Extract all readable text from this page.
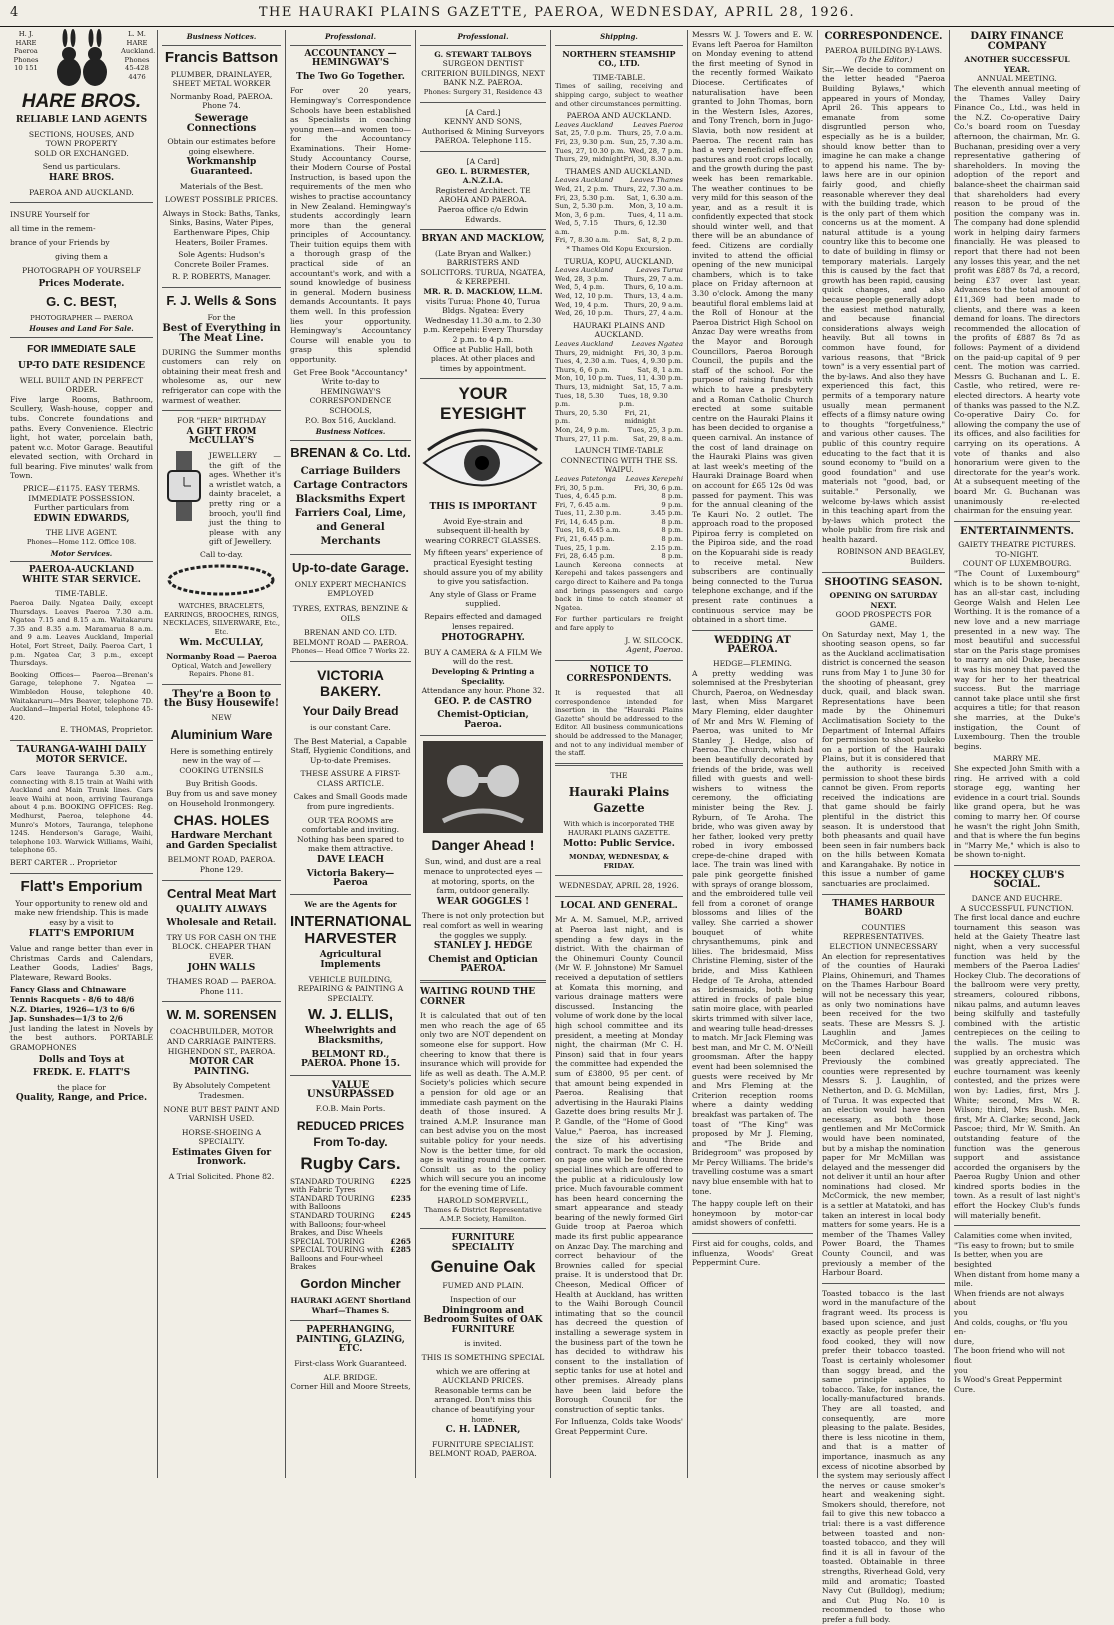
4	THE HAURAKI PLAINS GAZETTE, PAEROA, WEDNESDAY, APRIL 28, 1926.
H. J. HARE Paeroa Phones 10 151
L. M. HARE Auckland. Phones 45-428 4476
HARE BROS.
RELIABLE LAND AGENTS
SECTIONS, HOUSES, AND
TOWN PROPERTY
SOLD OR EXCHANGED.
Send us particulars.
HARE BROS.
PAEROA AND AUCKLAND.
INSURE Yourself for
all time in the remem-
brance of your Friends by
giving them a
PHOTOGRAPH OF YOURSELF
Prices Moderate.
G. C. BEST,
PHOTOGRAPHER — PAEROA
Houses and Land For Sale.
FOR IMMEDIATE SALE
UP-TO DATE RESIDENCE
WELL BUILT AND IN PERFECT ORDER.

Five large Rooms, Bathroom, Scullery, Wash-house, copper and tubs. Concrete foundations and paths. Every Convenience. Electric light, hot water, porcelain bath, patent w.c. Motor Garage. Beautiful elevated section, with Orchard in full bearing. Five minutes' walk from Town.

PRICE—£1175. EASY TERMS.
IMMEDIATE POSSESSION.
Further particulars from
EDWIN EDWARDS,
THE LIVE AGENT.
Phones—Home 112. Office 108.
Motor Services.
PAEROA-AUCKLAND WHITE STAR SERVICE.
TIME-TABLE.

Paeroa Daily. Ngatea Daily, except Thursdays. Leaves Paeroa 7.30 a.m. Ngatea 7.15 and 8.15 a.m. Waitakaruru 7.35 and 8.35 a.m. Maramarua 8 a.m. and 9 a.m. Leaves Auckland, Imperial Hotel, Fort Street, Daily. Paeroa Cart, 1 p.m. Ngatea Car, 3 p.m., except Thursdays.

Booking Offices— Paeroa—Brenan's Garage, telephone 7. Ngatea — Wimbledon House, telephone 40. Waitakaruru—Mrs Beaver, telephone 7D. Auckland—Imperial Hotel, telephone 45-420.

E. THOMAS, Proprietor.
TAURANGA-WAIHI DAILY MOTOR SERVICE.

Cars leave Tauranga 5.30 a.m., connecting with 8.15 train at Waihi with Auckland and Main Trunk lines. Cars leave Waihi at noon, arriving Tauranga about 4 p.m. BOOKING OFFICES: Reg. Medhurst, Paeroa, telephone 44. Munro's Motors, Tauranga, telephone 124S. Henderson's Garage, Waihi, telephone 103. Warwick Williams, Waihi, telephone 65.

BERT CARTER .. Proprietor
Flatt's Emporium

Your opportunity to renew old and make new friendship. This is made easy by a visit to

FLATT'S EMPORIUM

Value and range better than ever in Christmas Cards and Calendars, Leather Goods, Ladies' Bags, Plateware, Reward Books.

Fancy Glass and Chinaware
Tennis Racquets - 8/6 to 48/6
N.Z. Diaries, 1926—1/3 to 6/6
Jap. Sunshades—1/3 to 2/6

Just landing the latest in Novels by the best authors. PORTABLE GRAMOPHONES

Dolls and Toys at
FREDK. E. FLATT'S
the place for
Quality, Range, and Price.
Business Notices.
Francis Battson
PLUMBER, DRAINLAYER, SHEET METAL WORKER
Normanby Road, PAEROA. Phone 74.
Sewerage Connections
Obtain our estimates before going elsewhere.
Workmanship Guaranteed.
Materials of the Best.
LOWEST POSSIBLE PRICES.
Always in Stock: Baths, Tanks, Sinks, Basins, Water Pipes, Earthenware Pipes, Chip Heaters, Boiler Frames.
Sole Agents: Hudson's Concrete Boiler Frames.
R. P. ROBERTS, Manager.
F. J. Wells & Sons
For the
Best of Everything in The Meat Line.

DURING the Summer months customers can rely on obtaining their meat fresh and wholesome as, our new refrigerator can cope with the warmest of weather.

FOR "HER" BIRTHDAY
A GIFT FROM McCULLAY'S

JEWELLERY — the gift of the ages. Whether it's a wristlet watch, a dainty bracelet, a pretty ring or a brooch, you'll find just the thing to please with any gift of Jewellery.

Call to-day.
WATCHES, BRACELETS, EARRINGS, BROOCHES, RINGS, NECKLACES, SILVERWARE, Etc., Etc.
Wm. McCULLAY,
Normanby Road — Paeroa
Optical, Watch and Jewellery Repairs. Phone 81.
They're a Boon to the Busy Housewife!
NEW
Aluminium Ware
Here is something entirely new in the way of — COOKING UTENSILS
Buy British Goods.
Buy from us and save money on Household Ironmongery.
CHAS. HOLES
Hardware Merchant and Garden Specialist
BELMONT ROAD, PAEROA. Phone 129.
Central Meat Mart
QUALITY ALWAYS
Wholesale and Retail.
TRY US FOR CASH ON THE BLOCK. CHEAPER THAN EVER.
JOHN WALLS
THAMES ROAD — PAEROA. Phone 111.
W. M. SORENSEN
COACHBUILDER, MOTOR AND CARRIAGE PAINTERS.
HIGHENDON ST., PAEROA.
MOTOR CAR PAINTING.
By Absolutely Competent Tradesmen.
NONE BUT BEST PAINT AND VARNISH USED.
HORSE-SHOEING A SPECIALTY.
Estimates Given for Ironwork.
A Trial Solicited. Phone 82.
Professional.
ACCOUNTANCY — HEMINGWAY'S
The Two Go Together.

For over 20 years, Hemingway's Correspondence Schools have been established as Specialists in coaching young men—and women too—for the Accountancy Examinations. Their Home-Study Accountancy Course, their Modern Course of Postal Instruction, is based upon the requirements of the men who wishes to practise accountancy in New Zealand. Hemingway's students accordingly learn more than the general principles of Accountancy. Their tuition equips them with a thorough grasp of the practical side of an accountant's work, and with a sound knowledge of business in general. Modern business demands Accountants. It pays them well. In this profession lies your opportunity. Hemingway's Accountancy Course will enable you to grasp this splendid opportunity.

Get Free Book "Accountancy" Write to-day to
HEMINGWAY'S CORRESPONDENCE SCHOOLS,
P.O. Box 516, Auckland.
Business Notices.
BRENAN & Co. Ltd.
Carriage Builders Cartage Contractors Blacksmiths Expert Farriers Coal, Lime, and General Merchants
Up-to-date Garage.
ONLY EXPERT MECHANICS EMPLOYED
TYRES, EXTRAS, BENZINE & OILS
BRENAN AND CO. LTD.
BELMONT ROAD — PAEROA.
Phones— Head Office 7 Works 22.
VICTORIA BAKERY.
Your Daily Bread
is our constant Care.
The Best Material, a Capable Staff, Hygienic Conditions, and Up-to-date Premises.
THESE ASSURE A FIRST-CLASS ARTICLE.
Cakes and Small Goods made from pure ingredients.
OUR TEA ROOMS are comfortable and inviting. Nothing has been spared to make them attractive.
DAVE LEACH
Victoria Bakery—Paeroa
We are the Agents for
INTERNATIONAL HARVESTER
Agricultural Implements
VEHICLE BUILDING, REPAIRING & PAINTING A SPECIALTY.
W. J. ELLIS,
Wheelwrights and Blacksmiths,
BELMONT RD., PAEROA. Phone 15.
VALUE UNSURPASSED
F.O.B. Main Ports.
REDUCED PRICES From To-day.
Rugby Cars.
STANDARD TOURING with Fabric Tyres
£225
STANDARD TOURING with Balloons
£235
STANDARD TOURING with Balloons; four-wheel Brakes, and Disc Wheels
£245
SPECIAL TOURING	£265
SPECIAL TOURING with Balloons and Four-wheel Brakes
£285
Gordon Mincher
HAURAKI AGENT Shortland Wharf—Thames S.
PAPERHANGING, PAINTING, GLAZING, ETC.
First-class Work Guaranteed.
ALF. BRIDGE.
Corner Hill and Moore Streets,
Professional.
G. STEWART TALBOYS
SURGEON DENTIST
CRITERION BUILDINGS, NEXT BANK N.Z. PAEROA.
Phones: Surgery 31, Residence 43
[A Card.]
KENNY AND SONS,
Authorised & Mining Surveyors PAEROA. Telephone 115.
[A Card]
GEO. L. BURMESTER, A.N.Z.I.A.
Registered Architect. TE AROHA AND PAEROA.
Paeroa office c/o Edwin Edwards.
BRYAN AND MACKLOW,
(Late Bryan and Walker.) BARRISTERS AND SOLICITORS. TURUA, NGATEA, & KEREPEHI.
MR. R. D. MACKLOW, LL.M.
visits Turua: Phone 40, Turua Bldgs. Ngatea: Every Wednesday 11.30 a.m. to 2.30 p.m. Kerepehi: Every Thursday 2 p.m. to 4 p.m.
Office at Public Hall, both places. At other places and times by appointment.
YOUR EYESIGHT
THIS IS IMPORTANT
Avoid Eye-strain and subsequent ill-health by wearing CORRECT GLASSES.
My fifteen years' experience of practical Eyesight testing should assure you of my ability to give you satisfaction.
Any style of Glass or Frame supplied.
Repairs effected and damaged lenses repaired.
PHOTOGRAPHY.
BUY A CAMERA & A FILM We will do the rest.
Developing & Printing a Speciality.
Attendance any hour. Phone 32.
GEO. P. de CASTRO
Chemist-Optician, Paeroa.
Danger Ahead !
Sun, wind, and dust are a real menace to unprotected eyes — at motoring, sports, on the farm, outdoor generally.
WEAR GOGGLES !
There is not only protection but real comfort as well in wearing the goggles we supply.
STANLEY J. HEDGE
Chemist and Optician PAEROA.
WAITING ROUND THE CORNER

It is calculated that out of ten men who reach the age of 65 only two are NOT dependent on someone else for support. How cheering to know that there is insurance which will provide for life as well as death. The A.M.P. Society's policies which secure a pension for old age or an immediate cash payment on the death of those insured. A trained A.M.P. Insurance man can best advise you on the most suitable policy for your needs. Now is the better time, for old age is waiting round the corner. Consult us as to the policy which will secure you an income for the evening time of Life.

HAROLD SOMERVELL,
Thames & District Representative A.M.P. Society, Hamilton.
FURNITURE SPECIALITY
Genuine Oak
FUMED AND PLAIN.
Inspection of our
Diningroom and Bedroom Suites of OAK FURNITURE
is invited.
THIS IS SOMETHING SPECIAL
which we are offering at AUCKLAND PRICES. Reasonable terms can be arranged. Don't miss this chance of beautifying your home.
C. H. LADNER,
FURNITURE SPECIALIST. BELMONT ROAD, PAEROA.
Shipping.
NORTHERN STEAMSHIP CO., LTD.
TIME-TABLE.

Times of sailing, receiving and shipping cargo, subject to weather and other circumstances permitting.

PAEROA AND AUCKLAND.
Leaves Auckland	Leaves Paeroa
Sat, 25, 7.0 p.m. Thurs, 25, 7.0 a.m.
Fri, 23, 9.30 p.m. Sun, 25, 7.30 a.m.
Tues, 27, 10.30 p.m. Wed, 28, 7 p.m.
Thurs, 29, midnight Fri, 30, 8.30 a.m.
THAMES AND AUCKLAND.
Leaves Auckland Leaves Thames
Wed, 21, 2 p.m. Thurs, 22, 7.30 a.m.
Fri, 23, 5.30 p.m. Sat, 1, 6.30 a.m.
Sun, 2, 5.30 p.m. Mon, 3, 10 a.m.
Mon, 3, 6 p.m.	Tues, 4, 11 a.m.
Wed, 5, 7.15 a.m.
Thurs, 6, 12.30 p.m.
Fri, 7, 8.30 a.m.	Sat, 8, 2 p.m.
* Thames Old Kopu Excursion.
TURUA, KOPU, AUCKLAND.
Leaves Auckland	Leaves Turua
Wed, 28, 3 p.m. Thurs, 29, 7 a.m.
Wed, 5, 4 p.m.	Thurs, 6, 10 a.m.
Wed, 12, 10 p.m. Thurs, 13, 4 a.m.
Wed, 19, 4 p.m. Thurs, 20, 9 a.m.
Wed, 26, 10 p.m. Thurs, 27, 4 a.m.
HAURAKI PLAINS AND AUCKLAND.
Leaves Auckland	Leaves Ngatea
Thurs, 29, midnight Fri, 30, 3 p.m.
Tues, 4, 2.30 a.m. Tues, 4, 9.30 p.m.
Thurs, 6, 6 p.m.	Sat, 8, 1 a.m.
Mon, 10, 10 p.m. Tues, 11, 4.30 p.m.
Thurs, 13, midnight Sat, 15, 7 a.m.
Tues, 18, 5.30 p.m.
Tues, 18, 9.30 p.m.
Thurs, 20, 5.30 p.m.
Fri, 21, midnight
Mon, 24, 9 p.m.	Tues, 25, 3 p.m.
Thurs, 27, 11 p.m. Sat, 29, 8 a.m.
LAUNCH TIME-TABLE CONNECTING WITH THE SS. WAIPU.
Leaves Patetonga Leaves Kerepehi
Fri, 30, 5 p.m.	Fri, 30, 6 p.m.
Tues, 4, 6.45 p.m.	8 p.m.
Fri, 7, 6.45 a.m.	9 p.m.
Tues, 11, 2.30 p.m.	3.45 p.m.
Fri, 14, 6.45 p.m.	8 p.m.
Tues, 18, 6.45 a.m.	8 p.m.
Fri, 21, 6.45 p.m.	8 p.m.
Tues, 25, 1 p.m.	2.15 p.m.
Fri, 28, 6.45 p.m.	8 p.m.

Launch Kereona connects at Kerepehi and takes passengers and cargo direct to Kaihere and Pa tonga and brings passengers and cargo back in time to catch steamer at Ngatea.

For further particulars re freight and fare apply to

J. W. SILCOCK.
Agent, Paeroa.
NOTICE TO CORRESPONDENTS.

It is requested that all correspondence intended for insertion in the "Hauraki Plains Gazette" should be addressed to the Editor. All business communications should be addressed to the Manager, and not to any individual member of the staff.

THE
Hauraki Plains Gazette
With which is incorporated THE HAURAKI PLAINS GAZETTE.
Motto: Public Service.
MONDAY, WEDNESDAY, & FRIDAY.
WEDNESDAY, APRIL 28, 1926.
LOCAL AND GENERAL.

Mr A. M. Samuel, M.P., arrived at Paeroa last night, and is spending a few days in the district. With the chairman of the Ohinemuri County Council (Mr W. F. Johnstone) Mr Samuel received a deputation of settlers at Komata this morning, and various drainage matters were discussed. Instancing the volume of work done by the local high school committee and its president, a meeting at Monday night, the chairman (Mr C. H. Pinson) said that in four years the committee had expended the sum of £3800, 95 per cent. of that amount being expended in Paeroa. Realising that advertising in the Hauraki Plains Gazette does bring results Mr J. P. Gandle, of the "Home of Good Value," Paeroa, has increased the size of his advertising contract. To mark the occasion, on page one will be found three special lines which are offered to the public at a ridiculously low price. Much favourable comment has been heard concerning the smart appearance and steady bearing of the newly formed Girl Guide troop at Paeroa which made its first public appearance on Anzac Day. The marching and correct behaviour of the Brownies called for special praise. It is understood that Dr. Cheeson, Medical Officer of Health at Auckland, has written to the Waihi Borough Council intimating that so the council has decreed the question of installing a sewerage system in the business part of the town he has decided to withdraw his consent to the installation of septic tanks for use at hotel and other premises. Already plans have been laid before the Borough Council for the construction of septic tanks.

For Influenza, Colds take Woods' Great Peppermint Cure.

Messrs W. J. Towers and E. W. Evans left Paeroa for Hamilton on Monday evening to attend the first meeting of Synod in the recently formed Waikato Diocese. Certificates of naturalisation have been granted to John Thomas, born in the Western Isles, Azores, and Tony Trench, born in Jugo-Slavia, both now resident at Paeroa. The recent rain has had a very beneficial effect on pastures and root crops locally, and the growth during the past week has been remarkable. The weather continues to be very mild for this season of the year, and as a result it is confidently expected that stock should winter well, and that there will be an abundance of feed. Citizens are cordially invited to attend the official opening of the new municipal chambers, which is to take place on Friday afternoon at 3.30 o'clock. Among the many beautiful floral emblems laid at the Roll of Honour at the Paeroa District High School on Anzac Day were wreaths from the Mayor and Borough Councillors, Paeroa Borough Council, the pupils and the staff of the school. For the purpose of raising funds with which to have a presbytery and a Roman Catholic Church erected at some suitable centre on the Hauraki Plains it has been decided to organise a queen carnival. An instance of the cost of land drainage on the Hauraki Plains was given at last week's meeting of the Hauraki Drainage Board when on account for £65 12s 0d was passed for payment. This was for the annual cleaning of the Te Kauri No. 2 outlet. The approach road to the proposed Pipiroa ferry is completed on the Pipiroa side, and the road on the Kopuarahi side is ready to receive metal. New subscribers are continually being connected to the Turua telephone exchange, and if the present rate continues a continuous service may be obtained in a short time.

WEDDING AT PAEROA.
HEDGE—FLEMING.

A pretty wedding was solemnised at the Presbyterian Church, Paeroa, on Wednesday last, when Miss Margaret Mary Fleming, elder daughter of Mr and Mrs W. Fleming of Paeroa, was united to Mr Stanley J. Hedge, also of Paeroa. The church, which had been beautifully decorated by friends of the bride, was well filled with guests and well-wishers to witness the ceremony, the officiating minister being the Rev. J. Ryburn, of Te Aroha. The bride, who was given away by her father, looked very pretty robed in ivory embossed crepe-de-chine draped with lace. The train was lined with pale pink georgette finished with sprays of orange blossom, and the embroidered tulle veil fell from a coronet of orange blossoms and lilies of the valley. She carried a shower bouquet of white chrysanthemums, pink and lilies. The bridesmaid, Miss Christine Fleming, sister of the bride, and Miss Kathleen Hedge of Te Aroha, attended as bridesmaids, both being attired in frocks of pale blue satin moire glace, with pearled skirts trimmed with silver lace, and wearing tulle head-dresses to match. Mr Jack Fleming was best man, and Mr C. M. O'Neill groomsman. After the happy event had been solemnised the guests were received by Mr and Mrs Fleming at the Criterion reception rooms where a dainty wedding breakfast was partaken of. The toast of "The King" was proposed by Mr J. Fleming, and "The Bride and Bridegroom" was proposed by Mr Percy Williams. The bride's travelling costume was a smart navy blue ensemble with hat to tone.

The happy couple left on their honeymoon by motor-car amidst showers of confetti.

First aid for coughs, colds, and influenza, Woods' Great Peppermint Cure.

CORRESPONDENCE.
PAEROA BUILDING BY-LAWS.
(To the Editor.)

Sir,—We decide to comment on the letter headed "Paeroa Building Bylaws," which appeared in yours of Monday, April 26. This appears to emanate from some disgruntled person who, especially as he is a builder, should know better than to imagine he can make a change to append his name. The by-laws here are in our opinion fairly good, and chiefly reasonable wherever they deal with the building trade, which is the only part of them which concerns us at the moment. A natural attitude is a young country like this to become one to date of building in flimsy or temporary materials. Largely this is caused by the fact that growth has been rapid, causing quick changes, and also because people generally adopt the easiest method naturally, and because financial considerations always weigh heavily. But all towns in common have found, for various reasons, that "Brick town" is a very essential part of the by-laws. And also they have experienced this fact, this permits of a temporary nature usually mean permanent effects of a flimsy nature owing to thoughts "forgetfulness," and various other causes. The public of this country require educating to the fact that it is sound economy to "build on a good foundation" and use materials not "good, bad, or suitable." Personally, we welcome by-laws which assist in this teaching apart from the by-laws which protect the whole public from fire risk and health hazard.

ROBINSON AND BEAGLEY, Builders.
SHOOTING SEASON.
OPENING ON SATURDAY NEXT.
GOOD PROSPECTS FOR GAME.

On Saturday next, May 1, the shooting season opens, so far as the Auckland acclimatisation district is concerned the season runs from May 1 to June 30 for the shooting of pheasant, grey duck, quail, and black swan. Representations have been made by the Ohinemuri Acclimatisation Society to the Department of Internal Affairs for permission to shoot pukeko on a portion of the Hauraki Plains, but it is considered that the authority is received permission to shoot these birds cannot be given. From reports received the indications are that game should be fairly plentiful in the district this season. It is understood that both pheasants and quail have been seen in fair numbers back on the hills between Komata and Karangahake. By notice in this issue a number of game sanctuaries are proclaimed.

THAMES HARBOUR BOARD
COUNTIES REPRESENTATIVES.
ELECTION UNNECESSARY

An election for representatives of the counties of Hauraki Plains, Ohinemuri, and Thames on the Thames Harbour Board will not be necessary this year, as only two nominations have been received for the two seats. These are Messrs S. J. Laughlin and James McCormick, and they have been declared elected. Previously the combined counties were represented by Messrs S. J. Laughlin, of Netherton, and D. G. McMillan, of Turua. It was expected that an election would have been necessary, as both those gentlemen and Mr McCormick would have been nominated, but by a mishap the nomination paper for Mr McMillan was delayed and the messenger did not deliver it until an hour after nominations had closed. Mr McCormick, the new member, is a settler at Matatoki, and has taken an interest in local body matters for some years. He is a member of the Thames Valley Power Board, the Thames County Council, and was previously a member of the Harbour Board.

Toasted tobacco is the last word in the manufacture of the fragrant weed. Its process is based upon science, and just exactly as people prefer their food cooked, they will now prefer their tobacco toasted. Toast is certainly wholesomer than soggy bread, and the same principle applies to tobacco. Take, for instance, the locally-manufactured brands. They are all toasted, and consequently, are more pleasing to the palate. Besides, there is less nicotine in them, and that is a matter of importance, inasmuch as any excess of nicotine absorbed by the system may seriously affect the nerves or cause smoker's heart and weakening sight. Smokers should, therefore, not fail to give this new tobacco a trial: there is a vast difference between toasted and non-toasted tobacco, and they will find it is all in favour of the toasted. Obtainable in three strengths, Riverhead Gold, very mild and aromatic; Toasted Navy Cut (Bulldog), medium; and Cut Plug No. 10 is recommended to those who prefer a full body.

DAIRY FINANCE COMPANY
ANOTHER SUCCESSFUL YEAR.
ANNUAL MEETING.

The eleventh annual meeting of the Thames Valley Dairy Finance Co., Ltd., was held in the N.Z. Co-operative Dairy Co.'s board room on Tuesday afternoon, the chairman, Mr. G. Buchanan, presiding over a very representative gathering of shareholders. In moving the adoption of the report and balance-sheet the chairman said that shareholders had every reason to be proud of the position the company was in. The company had done splendid work in helping dairy farmers financially. He was pleased to report that there had not been any losses this year, and the net profit was £887 8s 7d, a record, being £37 over last year. Advances to the total amount of £11,369 had been made to clients, and there was a keen demand for loans. The directors recommended the allocation of the profits of £887 8s 7d as follows: Payment of a dividend on the paid-up capital of 9 per cent. The motion was carried. Messrs G. Buchanan and L. E. Castle, who retired, were re-elected directors. A hearty vote of thanks was passed to the N.Z. Co-operative Dairy Co. for allowing the company the use of its offices, and also facilities for carrying on its operations. A vote of thanks and also honorarium were given to the directorate for the year's work. At a subsequent meeting of the board Mr. G. Buchanan was unanimously re-elected chairman for the ensuing year.

ENTERTAINMENTS.
GAIETY THEATRE PICTURES.
TO-NIGHT.
COUNT OF LUXEMBOURG.

"The Count of Luxembourg" which is to be shown to-night, has an all-star cast, including George Walsh and Helen Lee Worthing. It is the romance of a new love and a new marriage presented in a new way. The most beautiful and successful star on the Paris stage promises to marry an old Duke, because it was his money that paved the way for her to her theatrical success. But the marriage cannot take place until she first acquires a title; for that reason she marries, at the Duke's instigation, the Count of Luxembourg. Then the trouble begins.

MARRY ME.

She expected John Smith with a ring. He arrived with a cold storage egg, wanting her evidence in a court trial. Sounds like grand opera, but he was coming to marry her. Of course he wasn't the right John Smith, and that is where the fun begins in "Marry Me," which is also to be shown to-night.

HOCKEY CLUB'S SOCIAL.
DANCE AND EUCHRE.
A SUCCESSFUL FUNCTION.

The first local dance and euchre tournament this season was held at the Gaiety Theatre last night, when a very successful function was held by the members of the Paeroa Ladies' Hockey Club. The decorations of the ballroom were very pretty, streamers, coloured ribbons, nikau palms, and autumn leaves being skilfully and tastefully combined with the artistic centrepieces on the ceiling to the walls. The music was supplied by an orchestra which was greatly appreciated. The euchre tournament was keenly contested, and the prizes were won by: Ladies, first, Mrs J. White; second, Mrs W. R. Wilson; third, Mrs Bush. Men, first, Mr A. Clarke; second, Jack Pascoe; third, Mr W. Smith. An outstanding feature of the function was the generous support and assistance accorded the organisers by the Paeroa Rugby Union and other kindred sports bodies in the town. As a result of last night's effort the Hockey Club's funds will materially benefit.

Calamities come when invited,
"Tis easy to frown; but to smile
Is better, when you are besighted
When distant from home many a
mile.
When friends are not always about
you
And colds, coughs, or 'flu you en-
dure,
The boon friend who will not flout
you
Is Wood's Great Peppermint Cure.
